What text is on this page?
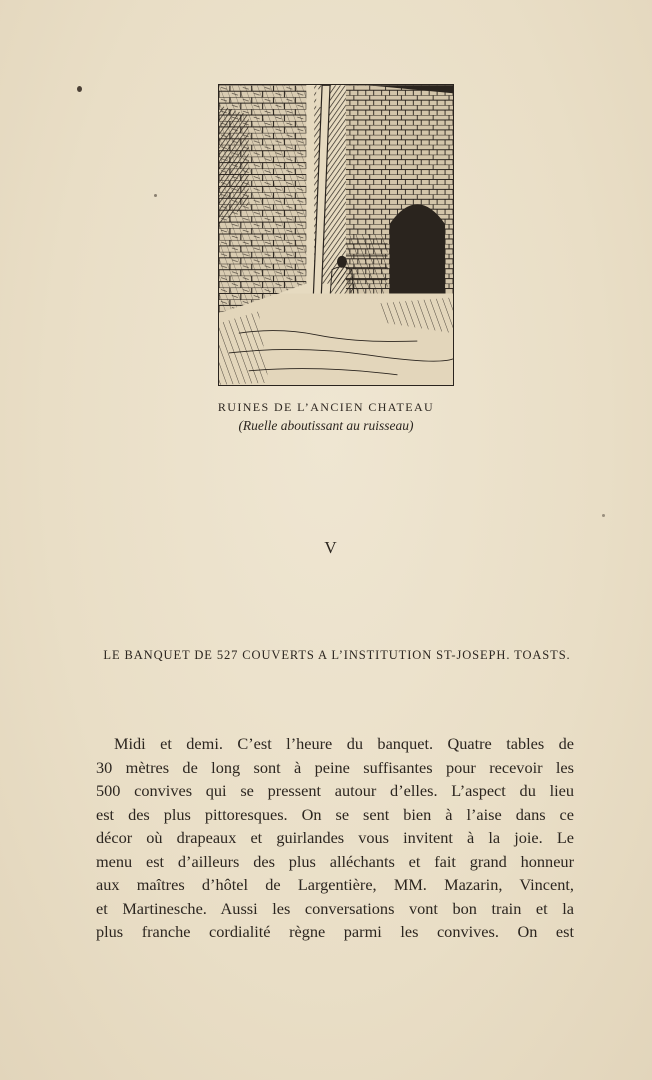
RUINES DE L’ANCIEN CHATEAU
(Ruelle aboutissant au ruisseau)
V
LE BANQUET DE 527 COUVERTS A L’INSTITUTION ST-JOSEPH. TOASTS.
Midi et demi. C’est l’heure du banquet. Quatre tables de
30 mètres de long sont à peine suffisantes pour recevoir les
500 convives qui se pressent autour d’elles. L’aspect du lieu
est des plus pittoresques. On se sent bien à l’aise dans ce
décor où drapeaux et guirlandes vous invitent à la joie. Le
menu est d’ailleurs des plus alléchants et fait grand honneur
aux maîtres d’hôtel de Largentière, MM. Mazarin, Vincent,
et Martinesche. Aussi les conversations vont bon train et la
plus franche cordialité règne parmi les convives. On est
